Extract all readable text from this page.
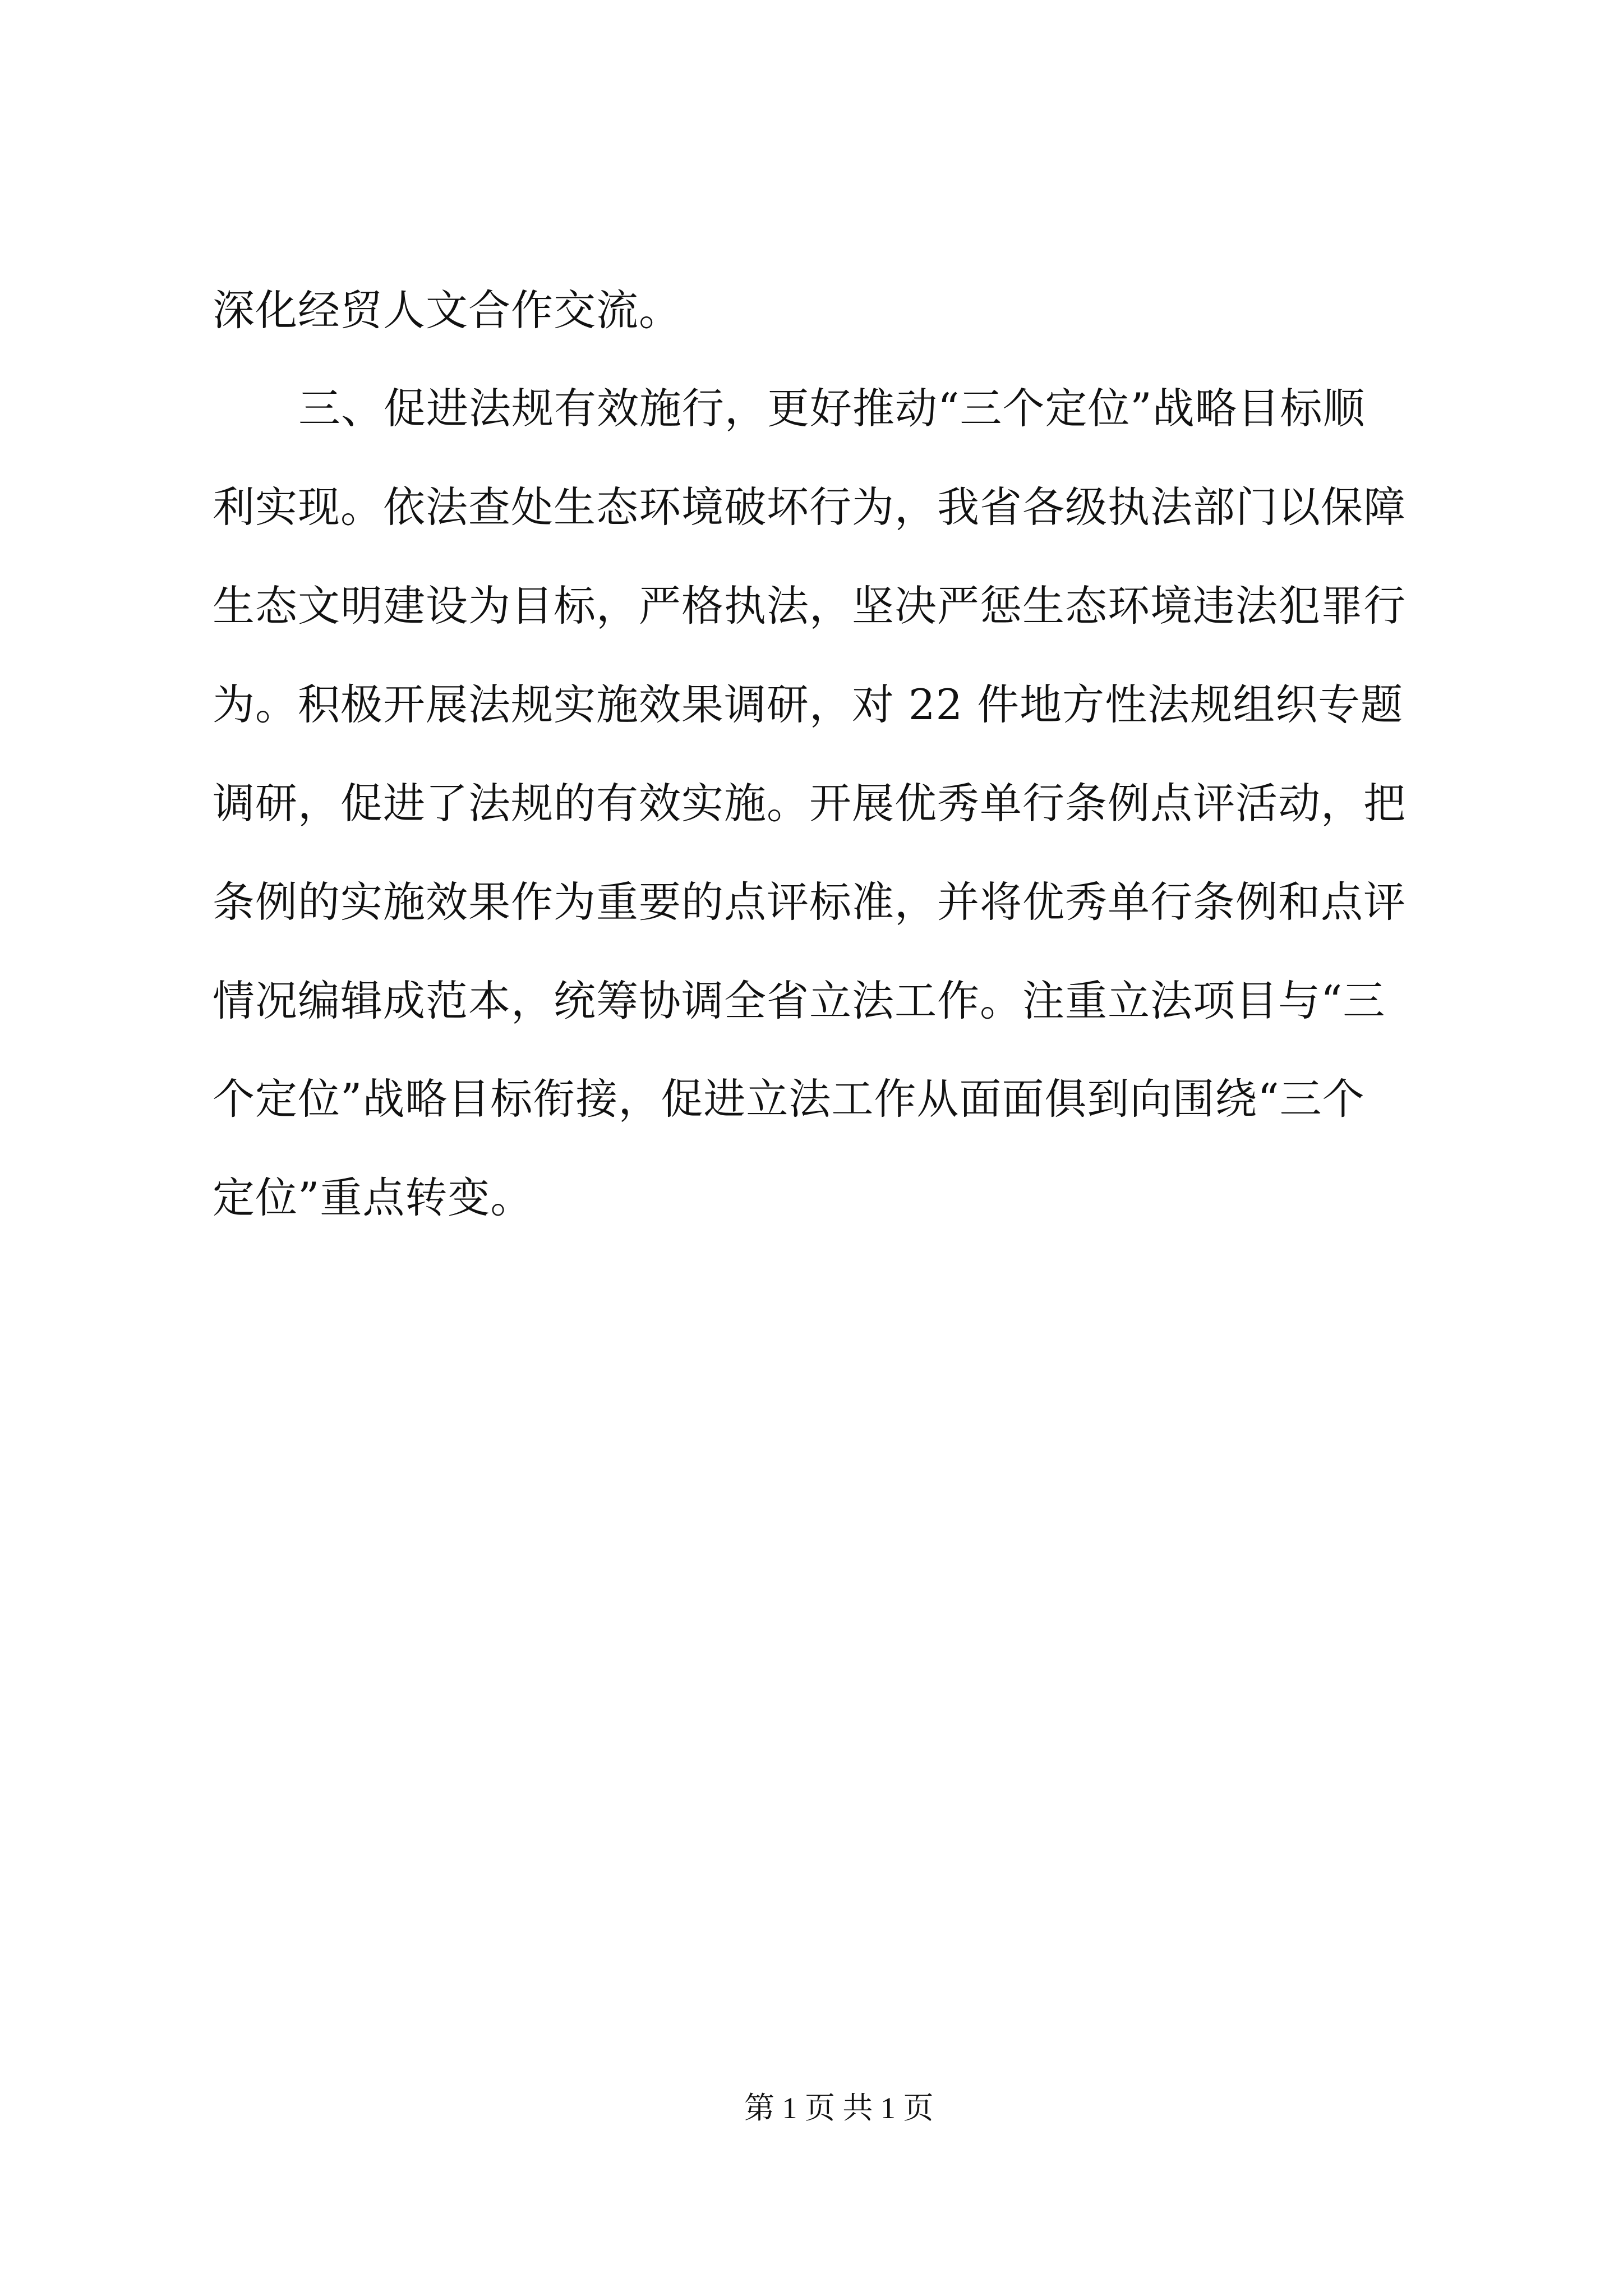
深化经贸人文合作交流。

三、促进法规有效施行，更好推动“三个定位”战略目标顺

利实现。依法查处生态环境破坏行为，我省各级执法部门以保障

生态文明建设为目标，严格执法，坚决严惩生态环境违法犯罪行

为。积极开展法规实施效果调研，对 22 件地方性法规组织专题

调研，促进了法规的有效实施。开展优秀单行条例点评活动，把

条例的实施效果作为重要的点评标准，并将优秀单行条例和点评

情况编辑成范本，统筹协调全省立法工作。注重立法项目与“三

个定位”战略目标衔接，促进立法工作从面面俱到向围绕“三个

定位”重点转变。

第 1 页 共 1 页
